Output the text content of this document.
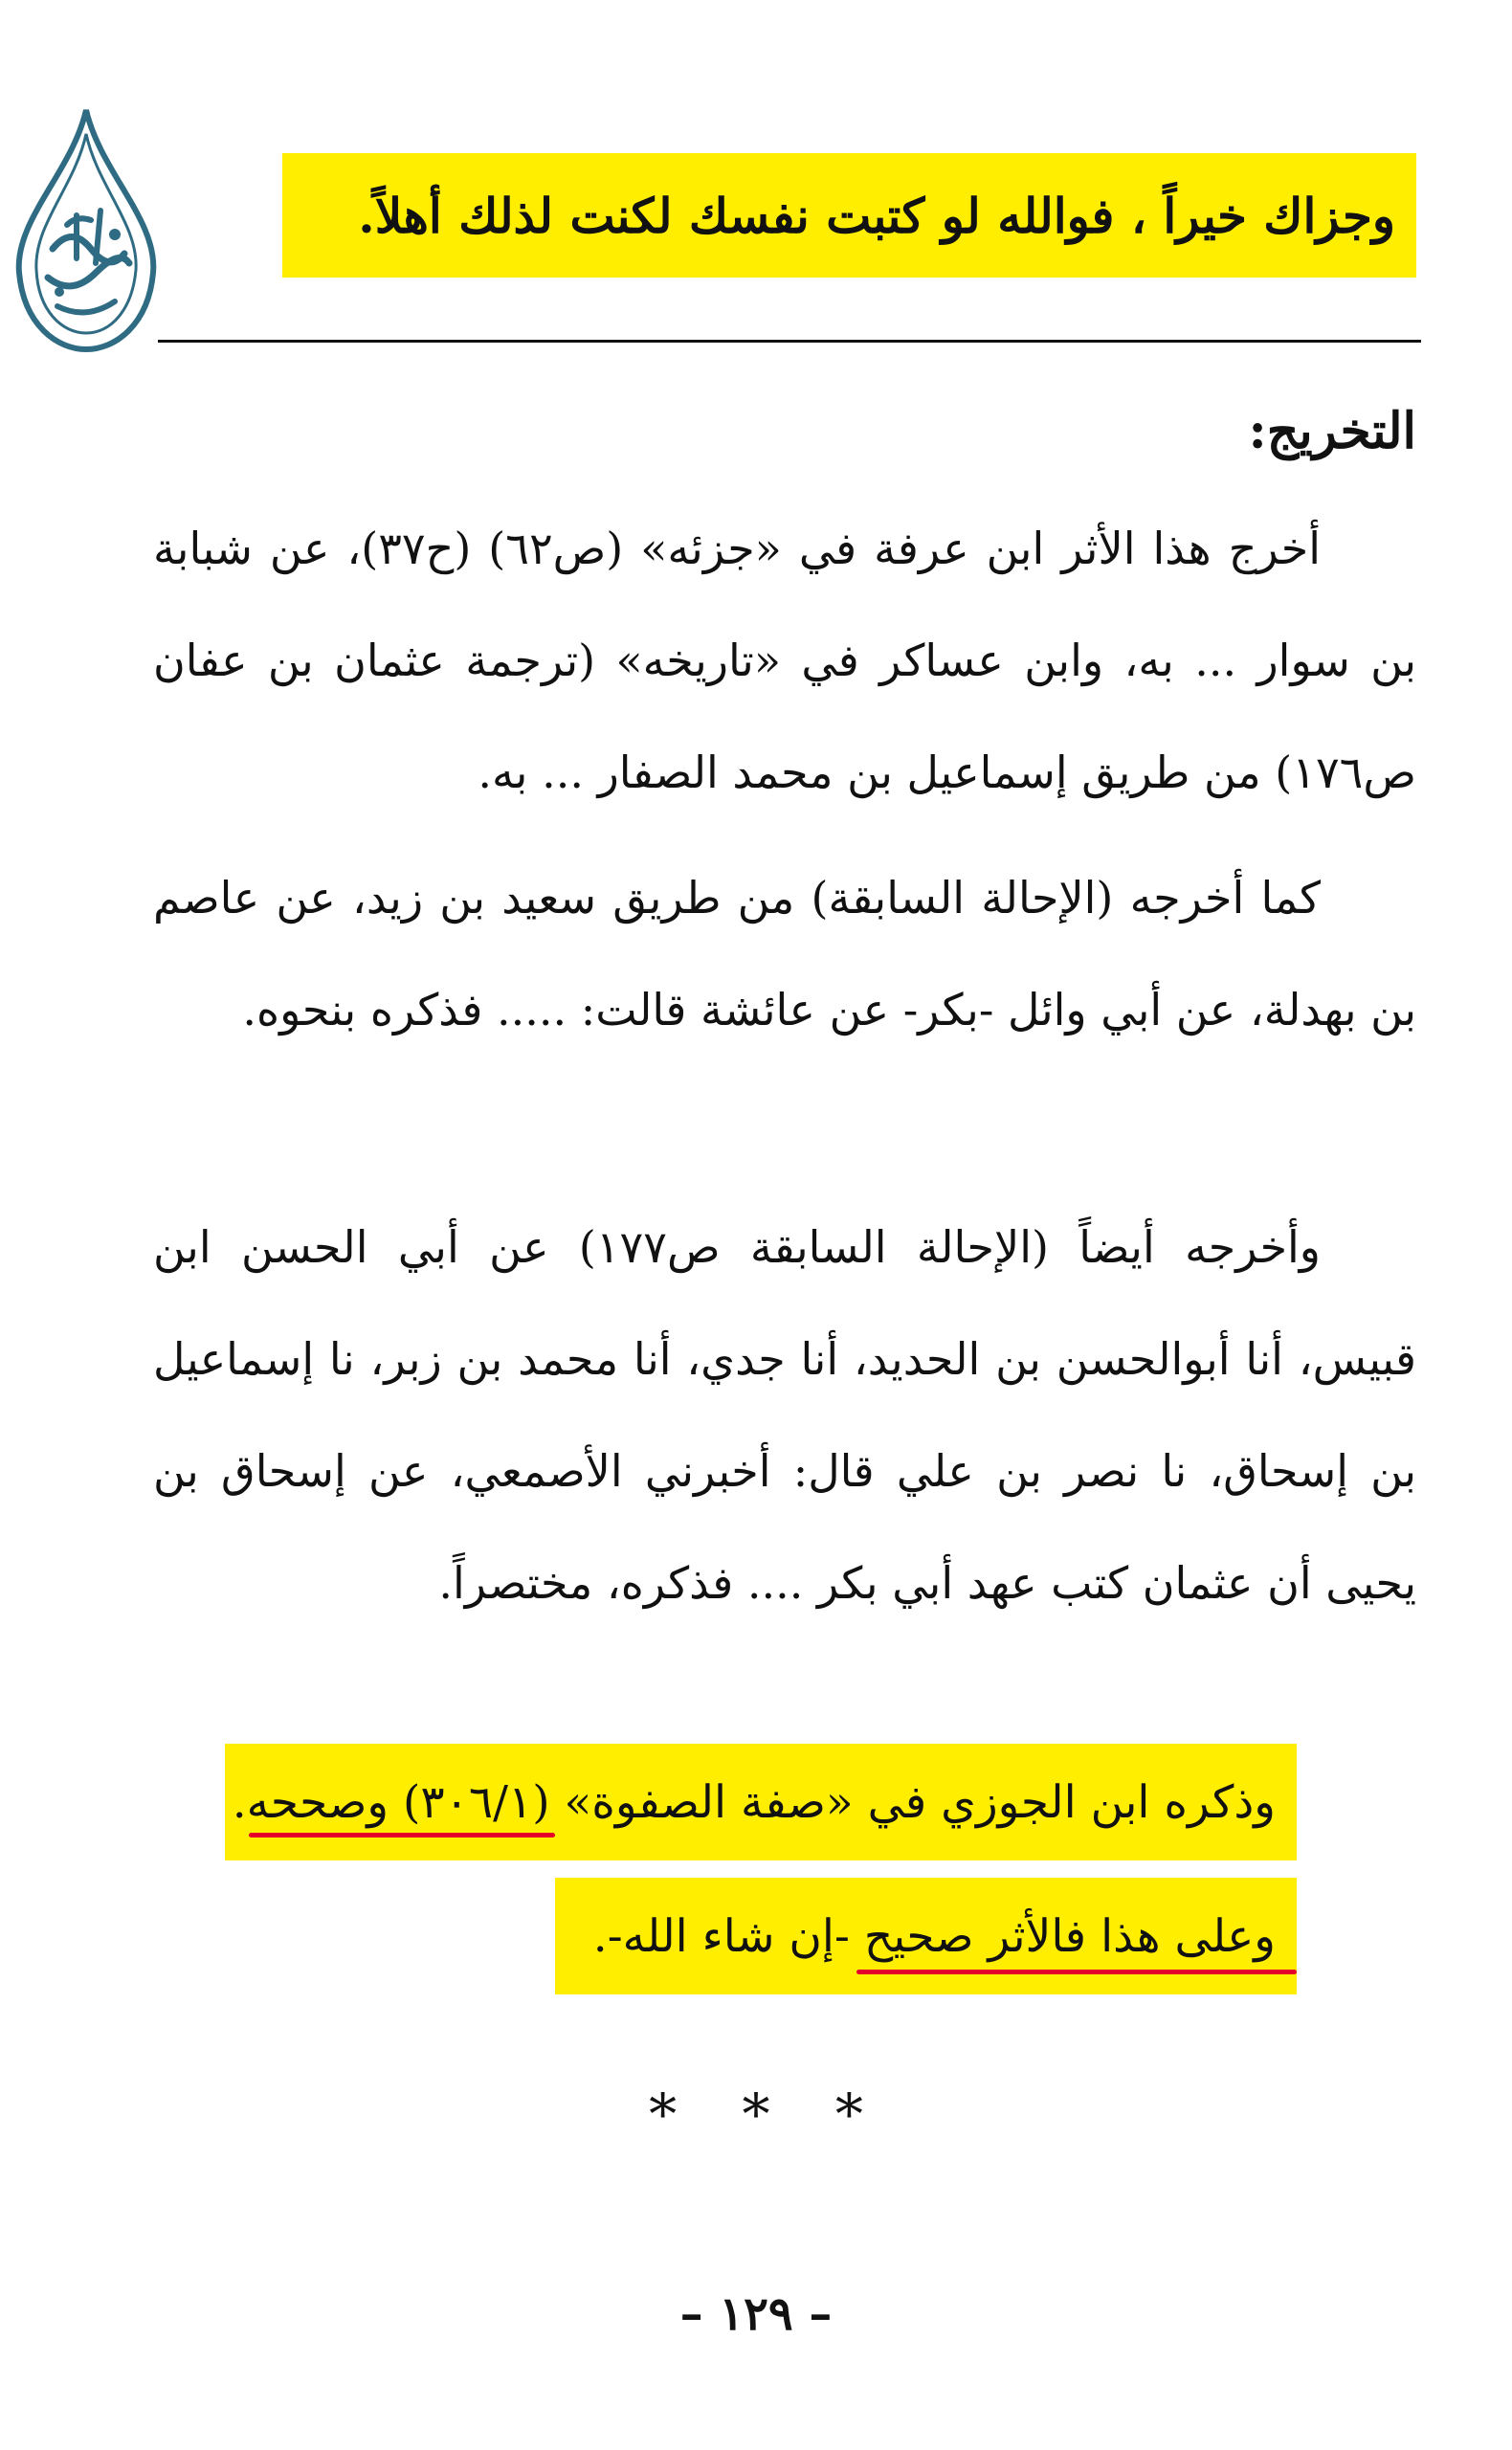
وجزاك خيراً ، فوالله لو كتبت نفسك لكنت لذلك أهلاً.
التخريج:

أخرج هذا الأثر ابن عرفة في «جزئه» (ص٦٢) (ح٣٧)، عن شبابة بن سوار ... به، وابن عساكر في «تاريخه» (ترجمة عثمان بن عفان ص١٧٦) من طريق إسماعيل بن محمد الصفار ... به.

كما أخرجه (الإحالة السابقة) من طريق سعيد بن زيد، عن عاصم بن بهدلة، عن أبي وائل -بكر- عن عائشة قالت: ..... فذكره بنحوه.

وأخرجه أيضاً (الإحالة السابقة ص١٧٧) عن أبي الحسن ابن قبيس، أنا أبوالحسن بن الحديد، أنا جدي، أنا محمد بن زبر، نا إسماعيل بن إسحاق، نا نصر بن علي قال: أخبرني الأصمعي، عن إسحاق بن يحيى أن عثمان كتب عهد أبي بكر .... فذكره، مختصراً.

وذكره ابن الجوزي في «صفة الصفوة» (٣٠٦/١) وصححه.
وعلى هذا فالأثر صحيح -إن شاء الله-.
* * *
– ١٢٩ –
